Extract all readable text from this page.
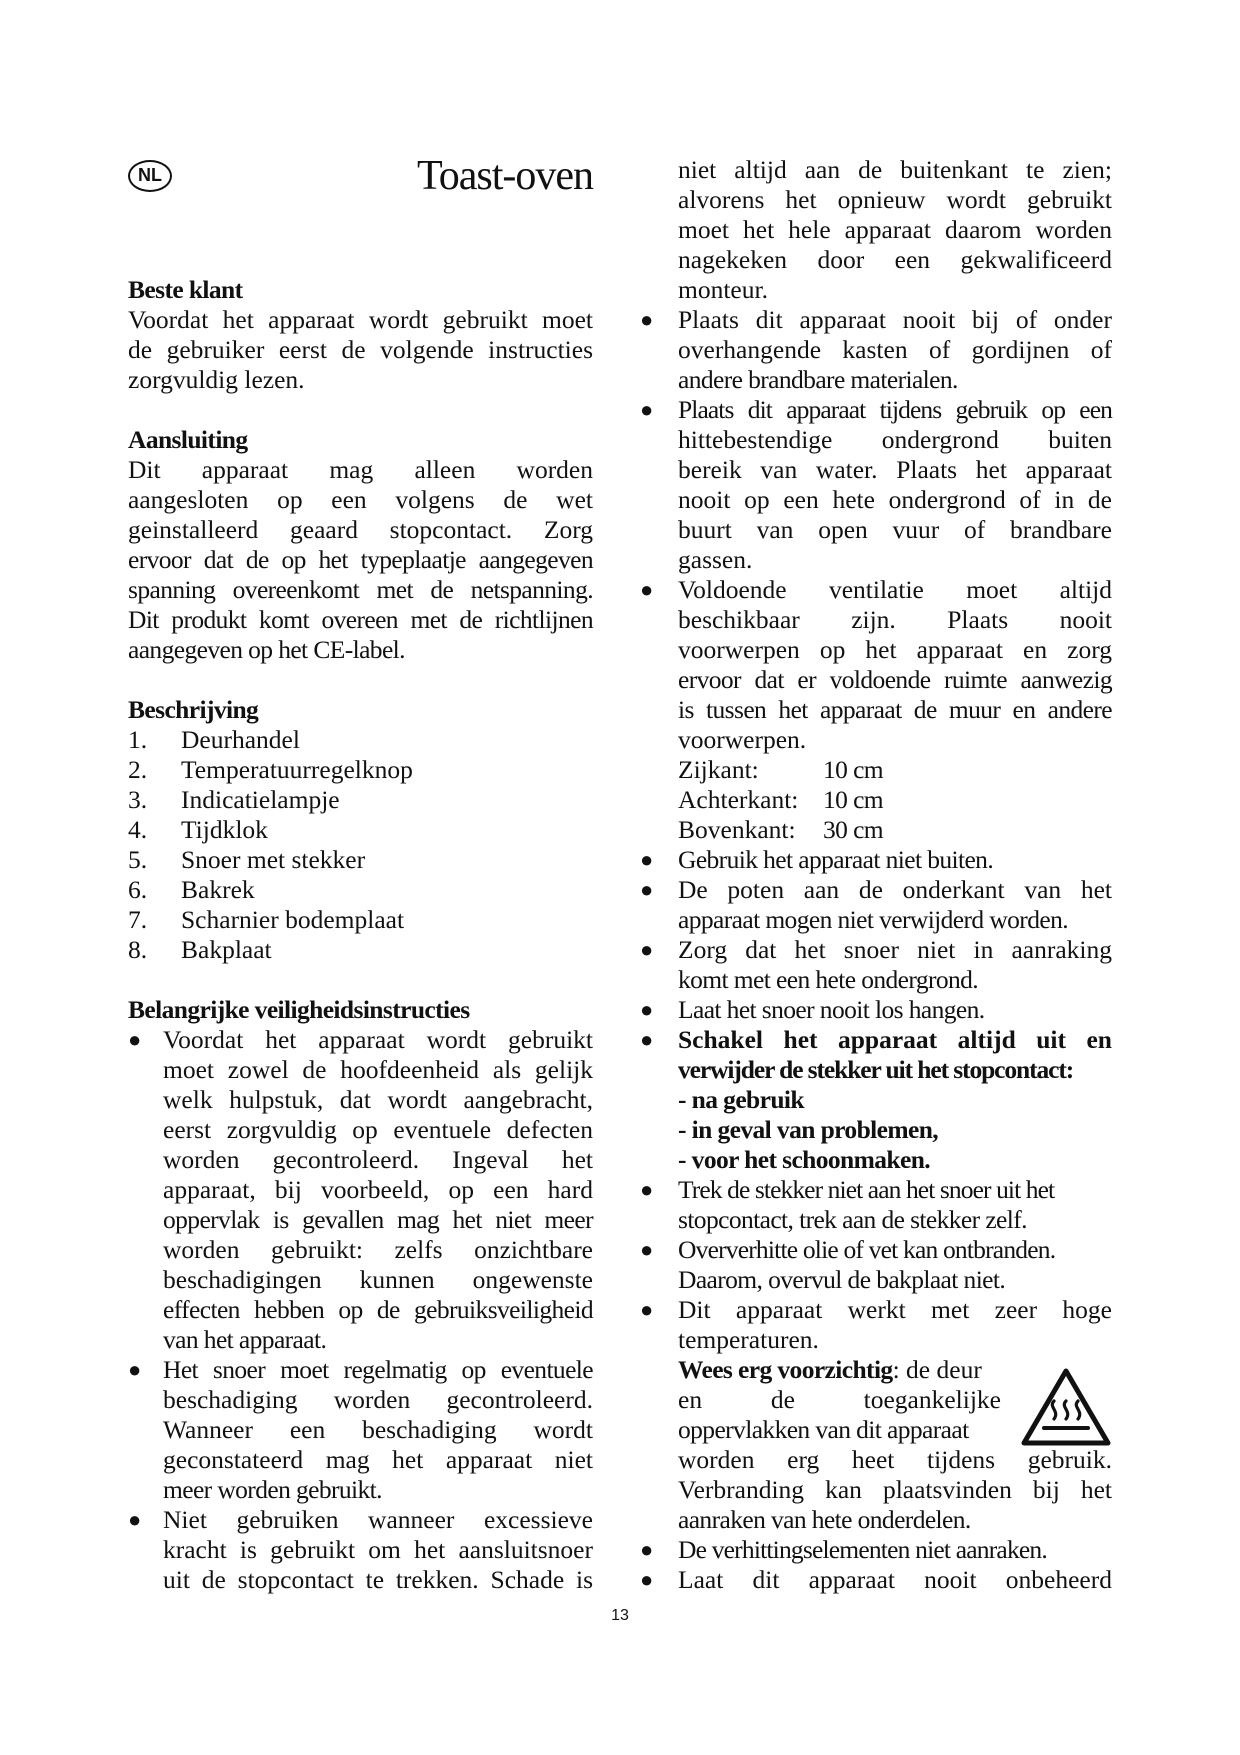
NL	Toast-oven
Beste klant
Voordat het apparaat wordt gebruikt moet
de gebruiker eerst de volgende instructies
zorgvuldig lezen.
Aansluiting
Dit apparaat mag alleen worden
aangesloten op een volgens de wet
geinstalleerd geaard stopcontact. Zorg
ervoor dat de op het typeplaatje aangegeven
spanning overeenkomt met de netspanning.
Dit produkt komt overeen met de richtlijnen
aangegeven op het CE-label.
Beschrijving
1.	Deurhandel
2.	Temperatuurregelknop
3.	Indicatielampje
4.	Tijdklok
5.	Snoer met stekker
6.	Bakrek
7.	Scharnier bodemplaat
8.	Bakplaat
Belangrijke veiligheidsinstructies
● Voordat het apparaat wordt gebruikt
moet zowel de hoofdeenheid als gelijk
welk hulpstuk, dat wordt aangebracht,
eerst zorgvuldig op eventuele defecten
worden gecontroleerd. Ingeval het
apparaat, bij voorbeeld, op een hard
oppervlak is gevallen mag het niet meer
worden gebruikt: zelfs onzichtbare
beschadigingen kunnen ongewenste
effecten hebben op de gebruiksveiligheid
van het apparaat.
● Het snoer moet regelmatig op eventuele
beschadiging worden gecontroleerd.
Wanneer een beschadiging wordt
geconstateerd mag het apparaat niet
meer worden gebruikt.
● Niet gebruiken wanneer excessieve
kracht is gebruikt om het aansluitsnoer
uit de stopcontact te trekken. Schade is
niet altijd aan de buitenkant te zien;
alvorens het opnieuw wordt gebruikt
moet het hele apparaat daarom worden
nagekeken door een gekwalificeerd
monteur.
● Plaats dit apparaat nooit bij of onder
overhangende kasten of gordijnen of
andere brandbare materialen.
● Plaats dit apparaat tijdens gebruik op een
hittebestendige ondergrond buiten
bereik van water. Plaats het apparaat
nooit op een hete ondergrond of in de
buurt van open vuur of brandbare
gassen.
● Voldoende ventilatie moet altijd
beschikbaar zijn. Plaats nooit
voorwerpen op het apparaat en zorg
ervoor dat er voldoende ruimte aanwezig
is tussen het apparaat de muur en andere
voorwerpen.
Zijkant:	10 cm
Achterkant: 10 cm
Bovenkant: 30 cm
● Gebruik het apparaat niet buiten.
● De poten aan de onderkant van het
apparaat mogen niet verwijderd worden.
● Zorg dat het snoer niet in aanraking
komt met een hete ondergrond.
● Laat het snoer nooit los hangen.
● Schakel het apparaat altijd uit en
verwijder de stekker uit het stopcontact:
- na gebruik
- in geval van problemen,
- voor het schoonmaken.
● Trek de stekker niet aan het snoer uit het
stopcontact, trek aan de stekker zelf.
● Oververhitte olie of vet kan ontbranden.
Daarom, overvul de bakplaat niet.
● Dit apparaat werkt met zeer hoge
temperaturen.
Wees erg voorzichtig: de deur
en de toegankelijke
oppervlakken van dit apparaat
worden erg heet tijdens gebruik.
Verbranding kan plaatsvinden bij het
aanraken van hete onderdelen.
● De verhittingselementen niet aanraken.
● Laat dit apparaat nooit onbeheerd
13
